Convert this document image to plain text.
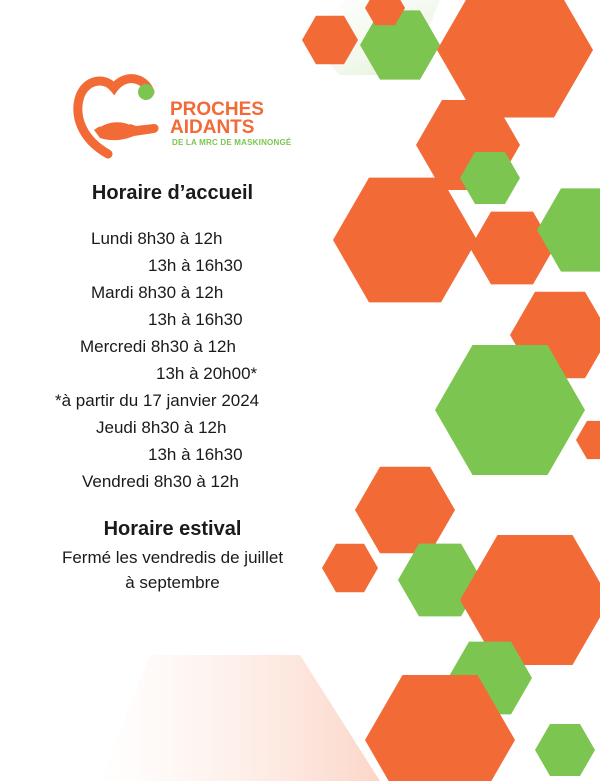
PROCHES
AIDANTS
DE LA MRC DE MASKINONGÉ
Horaire d’accueil
Lundi 8h30 à 12h
13h à 16h30
Mardi 8h30 à 12h
13h à 16h30
Mercredi 8h30 à 12h
13h à 20h00*
*à partir du 17 janvier 2024
Jeudi 8h30 à 12h
13h à 16h30
Vendredi 8h30 à 12h
Horaire estival
Fermé les vendredis de juillet
à septembre
